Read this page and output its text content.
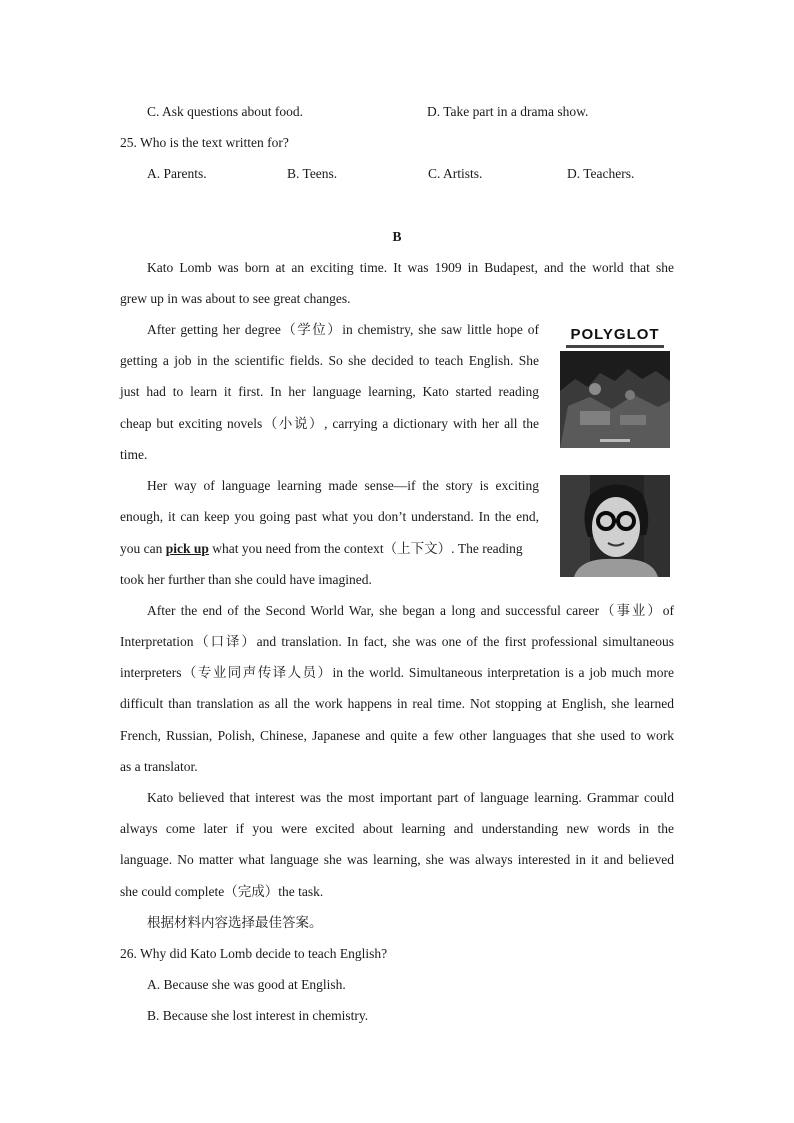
C. Ask questions about food.	D. Take part in a drama show.
25. Who is the text written for?
A. Parents.	B. Teens.	C. Artists.	D. Teachers.
B
Kato Lomb was born at an exciting time. It was 1909 in Budapest, and the world that she
grew up in was about to see great changes.
After getting her degree（学位）in chemistry, she saw little hope of
getting a job in the scientific fields. So she decided to teach English. She
just had to learn it first. In her language learning, Kato started reading
cheap but exciting novels（小说）, carrying a dictionary with her all the
time.
Her way of language learning made sense—if the story is exciting
enough, it can keep you going past what you don’t understand. In the end,
you can pick up what you need from the context（上下文）. The reading
took her further than she could have imagined.
After the end of the Second World War, she began a long and successful career（事业）of
Interpretation（口译）and translation. In fact, she was one of the first professional simultaneous
interpreters（专业同声传译人员）in the world. Simultaneous interpretation is a job much more
difficult than translation as all the work happens in real time. Not stopping at English, she learned
French, Russian, Polish, Chinese, Japanese and quite a few other languages that she used to work
as a translator.
Kato believed that interest was the most important part of language learning. Grammar could
always come later if you were excited about learning and understanding new words in the
language. No matter what language she was learning, she was always interested in it and believed
she could complete（完成）the task.
根据材料内容选择最佳答案。
26. Why did Kato Lomb decide to teach English?
A. Because she was good at English.
B. Because she lost interest in chemistry.
POLYGLOT
